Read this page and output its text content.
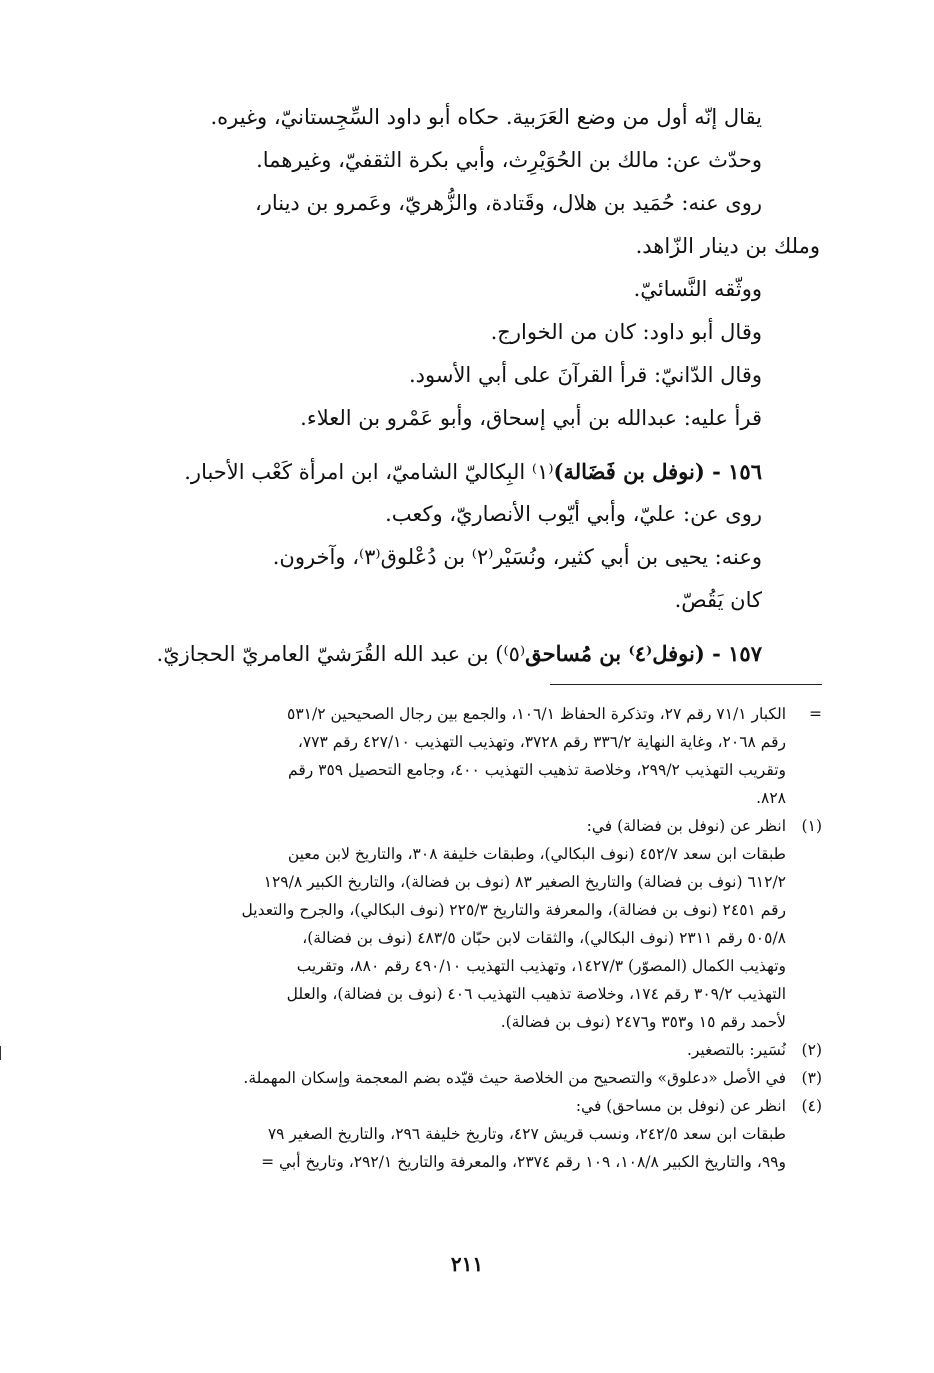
يقال إنّه أول من وضع العَرَبية. حكاه أبو داود السِّجِستانيّ، وغيره.
وحدّث عن: مالك بن الحُوَيْرِث، وأبي بكرة الثقفيّ، وغيرهما.
روى عنه: حُمَيد بن هلال، وقَتادة، والزُّهريّ، وعَمرو بن دينار،
وملك بن دينار الزّاهد.
ووثّقه النَّسائيّ.
وقال أبو داود: كان من الخوارج.
وقال الدّانيّ: قرأ القرآنَ على أبي الأسود.
قرأ عليه: عبدالله بن أبي إسحاق، وأبو عَمْرو بن العلاء.
١٥٦ - (نوفل بن فَضَالة)⁽١⁾ البِكاليّ الشاميّ، ابن امرأة كَعْب الأحبار.
روى عن: عليّ، وأبي أيّوب الأنصاريّ، وكعب.
وعنه: يحيى بن أبي كثير، ونُسَيْر⁽٢⁾ بن دُعْلوق⁽٣⁾، وآخرون.
كان يَقُصّ.
١٥٧ - (نوفل⁽٤⁾ بن مُساحق⁽٥⁾) بن عبد الله القُرَشيّ العامريّ الحجازيّ.
=الكبار ٧١/١ رقم ٢٧، وتذكرة الحفاظ ١٠٦/١، والجمع بين رجال الصحيحين ٥٣١/٢
رقم ٢٠٦٨، وغاية النهاية ٣٣٦/٢ رقم ٣٧٢٨، وتهذيب التهذيب ٤٢٧/١٠ رقم ٧٧٣،
وتقريب التهذيب ٢٩٩/٢، وخلاصة تذهيب التهذيب ٤٠٠، وجامع التحصيل ٣٥٩ رقم
٨٢٨.
(١)انظر عن (نوفل بن فضالة) في:
طبقات ابن سعد ٤٥٢/٧ (نوف البكالي)، وطبقات خليفة ٣٠٨، والتاريخ لابن معين
٦١٢/٢ (نوف بن فضالة) والتاريخ الصغير ٨٣ (نوف بن فضالة)، والتاريخ الكبير ١٢٩/٨
رقم ٢٤٥١ (نوف بن فضالة)، والمعرفة والتاريخ ٢٢٥/٣ (نوف البكالي)، والجرح والتعديل
٥٠٥/٨ رقم ٢٣١١ (نوف البكالي)، والثقات لابن حبّان ٤٨٣/٥ (نوف بن فضالة)،
وتهذيب الكمال (المصوّر) ١٤٢٧/٣، وتهذيب التهذيب ٤٩٠/١٠ رقم ٨٨٠، وتقريب
التهذيب ٣٠٩/٢ رقم ١٧٤، وخلاصة تذهيب التهذيب ٤٠٦ (نوف بن فضالة)، والعلل
لأحمد رقم ١٥ و٣٥٣ و٢٤٧٦ (نوف بن فضالة).
(٢)نُسَير: بالتصغير.
(٣)في الأصل «دعلوق» والتصحيح من الخلاصة حيث قيّده بضم المعجمة وإسكان المهملة.
(٤)انظر عن (نوفل بن مساحق) في:
طبقات ابن سعد ٢٤٢/٥، ونسب قريش ٤٢٧، وتاريخ خليفة ٢٩٦، والتاريخ الصغير ٧٩
و٩٩، والتاريخ الكبير ١٠٨/٨، ١٠٩ رقم ٢٣٧٤، والمعرفة والتاريخ ٢٩٢/١، وتاريخ أبي =
٢١١
